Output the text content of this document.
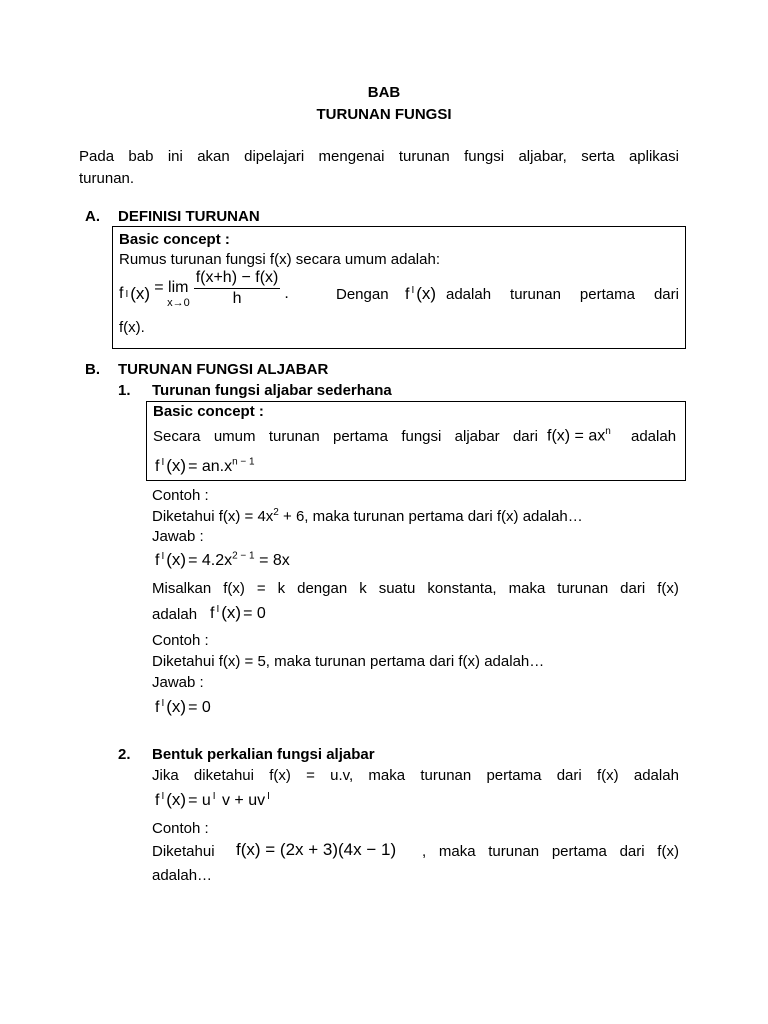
BAB
TURUNAN FUNGSI
Pada bab ini akan dipelajari mengenai turunan fungsi aljabar, serta aplikasi
turunan.
A. DEFINISI TURUNAN
Basic concept :
Rumus turunan fungsi f(x) secara umum adalah:
f I (x) = lim
$x\to 0 \frac{f(x+h) - f(x)}{h}$ .	Dengan f $^I$ (x) adalah turunan pertama dari
f(x).
B. TURUNAN FUNGSI ALJABAR
1. Turunan fungsi aljabar sederhana
Basic concept :
Secara umum turunan pertama fungsi aljabar dari $f(x) = ax^n$ adalah
f $^I$ $(x) = an.x^{n - 1}$
Contoh :
Diketahui $f(x) = 4x^2 + 6$, maka turunan pertama dari f(x) adalah…
Jawab :
f $^I$ $(x) = 4.2x^{2 - 1} = 8x$
Misalkan f(x) = k dengan k suatu konstanta, maka turunan dari f(x)
adalah f $^I$ (x) = 0
Contoh :
Diketahui f(x) = 5, maka turunan pertama dari f(x) adalah…
Jawab :
f $^I$ (x) = 0
2. Bentuk perkalian fungsi aljabar
Jika diketahui f(x) = u.v, maka turunan pertama dari f(x) adalah
f $^I$ (x) = u $^I$ v + uv $^I$
Contoh :
Diketahui f(x) = (2x + 3)(4x − 1) , maka turunan pertama dari f(x)
adalah…
